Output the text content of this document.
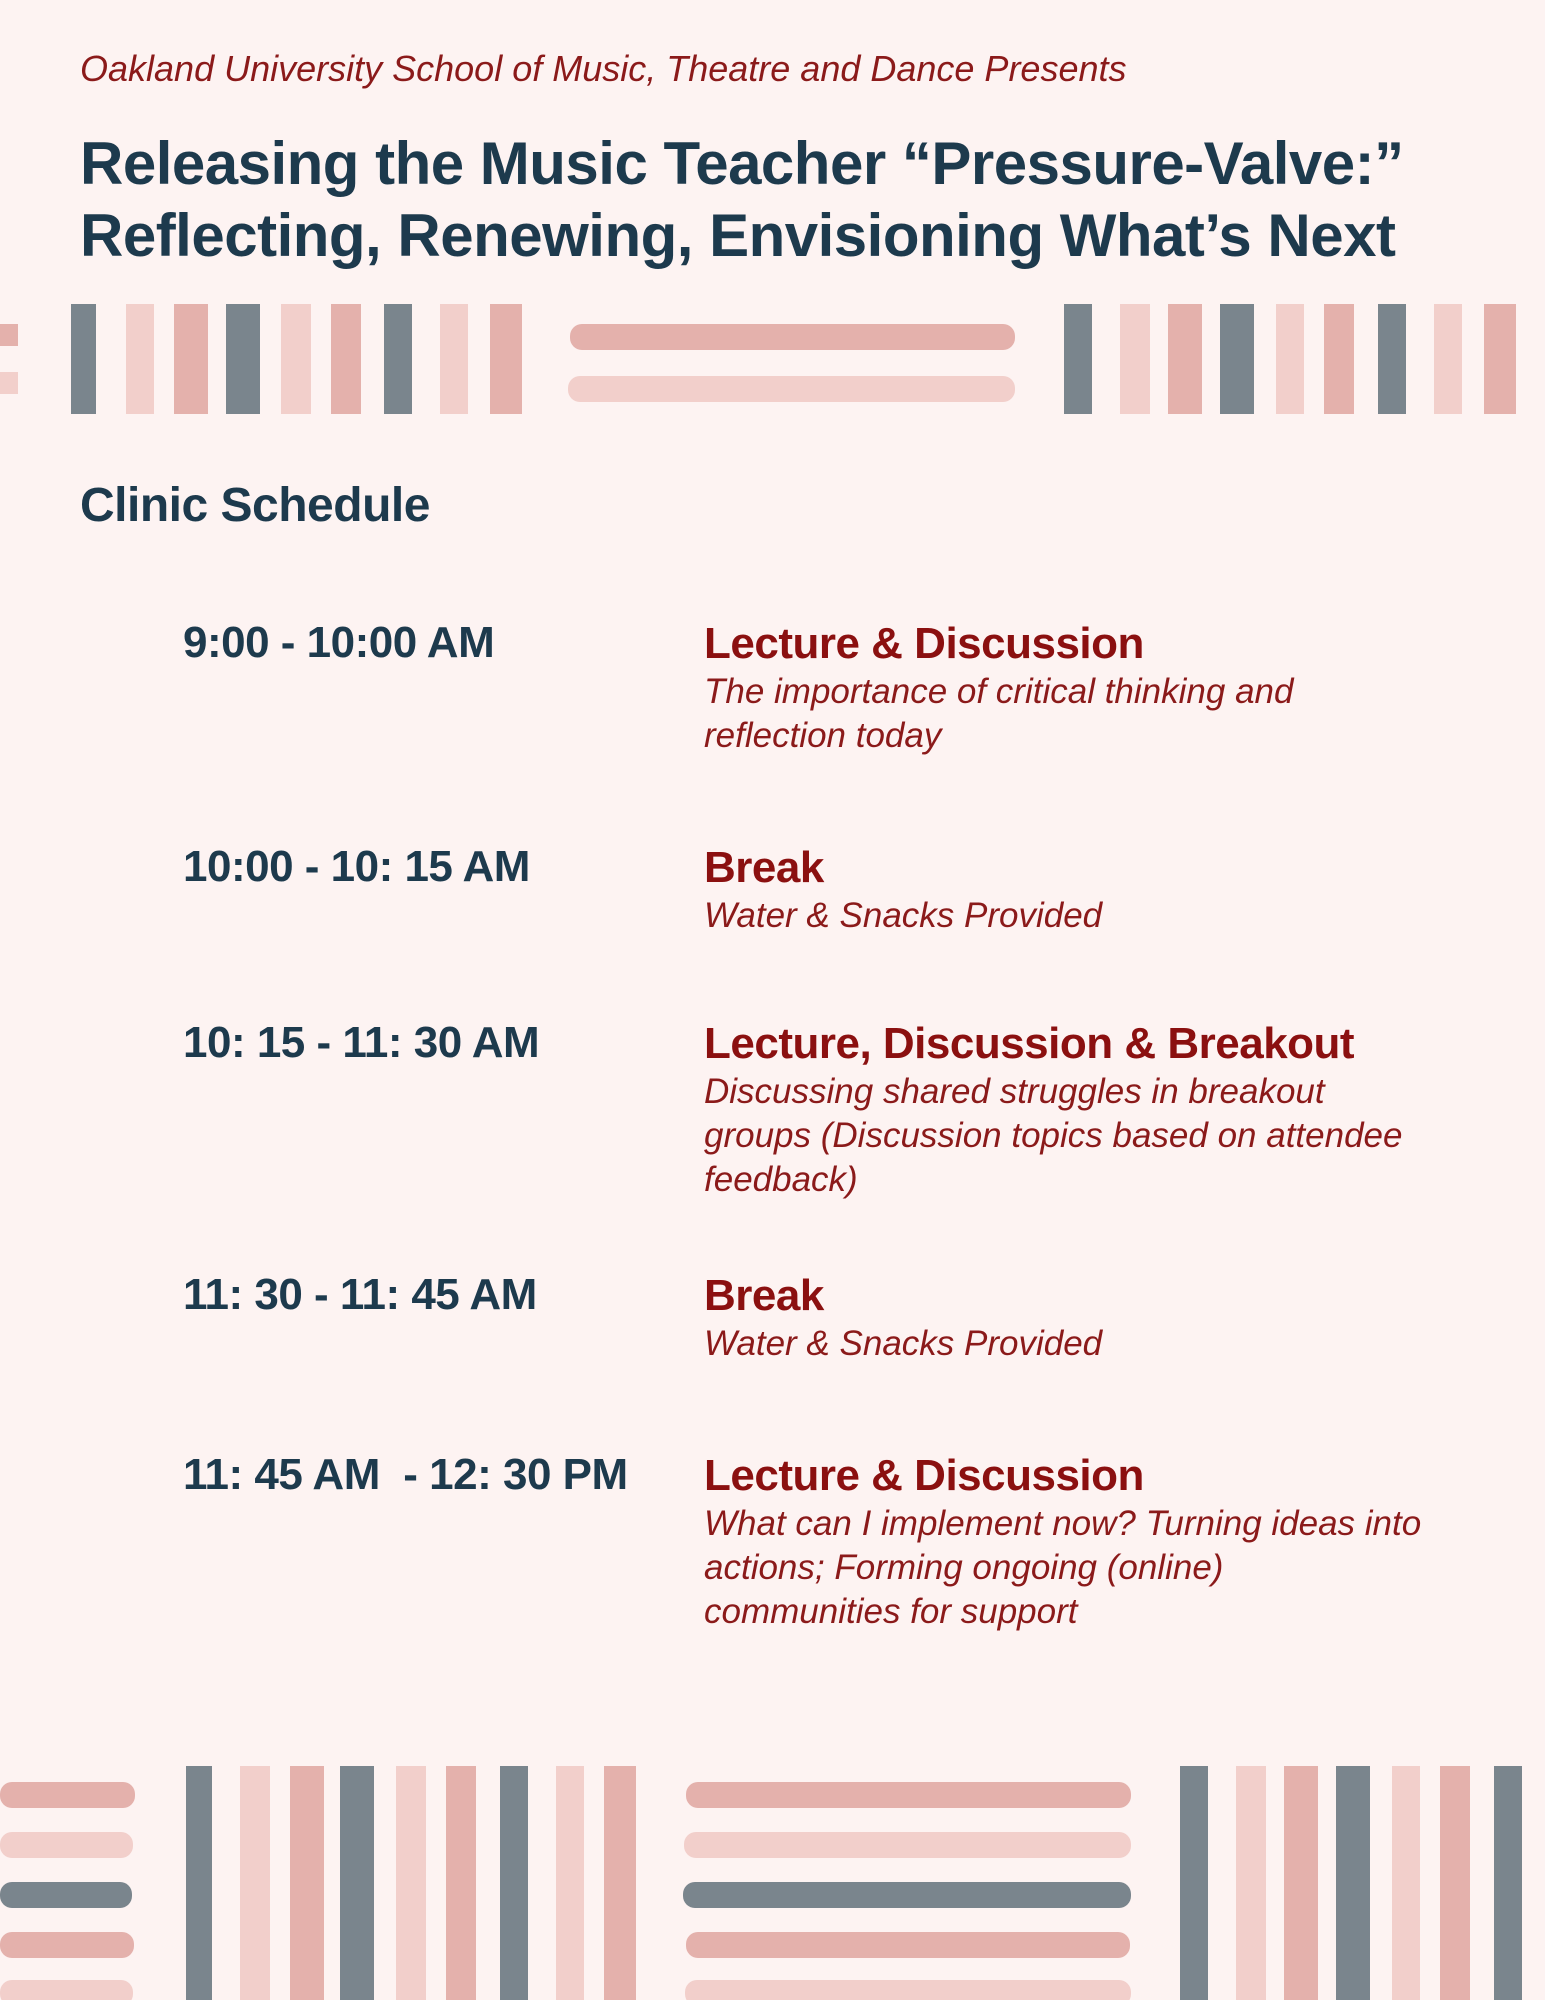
Oakland University School of Music, Theatre and Dance Presents
Releasing the Music Teacher “Pressure-Valve:”
Reflecting, Renewing, Envisioning What’s Next
Clinic Schedule
9:00 - 10:00 AM	Lecture & Discussion
The importance of critical thinking and reflection today
10:00 - 10: 15 AM	Break
Water & Snacks Provided
10: 15 - 11: 30 AM	Lecture, Discussion & Breakout
Discussing shared struggles in breakout groups (Discussion topics based on attendee feedback)
11: 30 - 11: 45 AM	Break
Water & Snacks Provided
11: 45 AM  - 12: 30 PM Lecture & Discussion
What can I implement now? Turning ideas into actions; Forming ongoing (online) communities for support
